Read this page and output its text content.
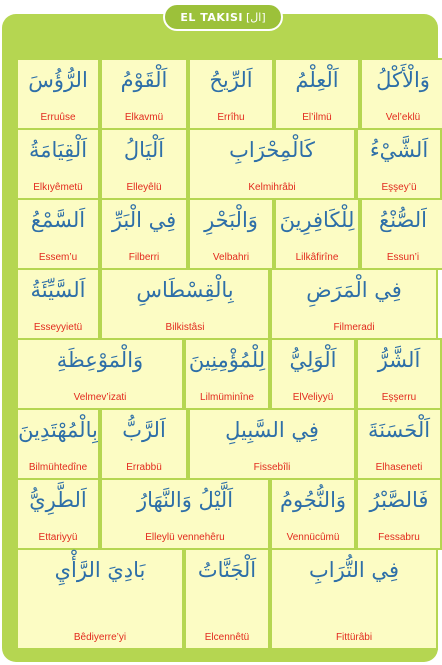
EL TAKISI [ال]
الرُّؤُسَ
Erruûse
اَلْقَوْمُ
Elkavmü
اَلرِّيحُ
Errîhu
اَلْعِلْمُ
El’ilmü
وَالْأَكْلُ
Vel’eklü
اَلْقِيَامَةُ
Elkıyêmetü
اَلْيَالُ
Elleyêlü
كَالْمِحْرَابِ
Kelmihrâbi
اَلشَّيْءُ
Eşşey’ü
اَلسَّمْعُ
Essem’u
فِي الْبَرِّ
Filberri
وَالْبَحْرِ
Velbahri
لِلْكَافِرِينَ
Lilkâfirîne
اَلصُّنْعُ
Essun’i
اَلسَّيِّئَةُ
Esseyyietü
بِالْقِسْطَاسِ
Bilkistâsi
فِي الْمَرَضِ
Filmeradi
وَالْمَوْعِظَةِ
Velmev’izati
لِلْمُؤْمِنِينَ
Lilmüminîne
اَلْوَلِيُّ
ElVeliyyü
اَلشَّرُّ
Eşşerru
بِالْمُهْتَدِينَ
Bilmühtedîne
اَلرَّبُّ
Errabbü
فِي السَّبِيلِ
Fissebîli
اَلْحَسَنَةَ
Elhaseneti
اَلطَّرِيُّ
Ettariyyü
اَلَّيْلُ وَالنَّهَارُ
Elleylü vennehêru
وَالنُّجُومُ
Vennücûmü
فَالصَّبْرُ
Fessabru
بَادِيَ الرَّأْيِ
Bêdiyerre’yi
اَلْجَنَّاتُ
Elcennêtü
فِي التُّرَابِ
Fittürâbi
